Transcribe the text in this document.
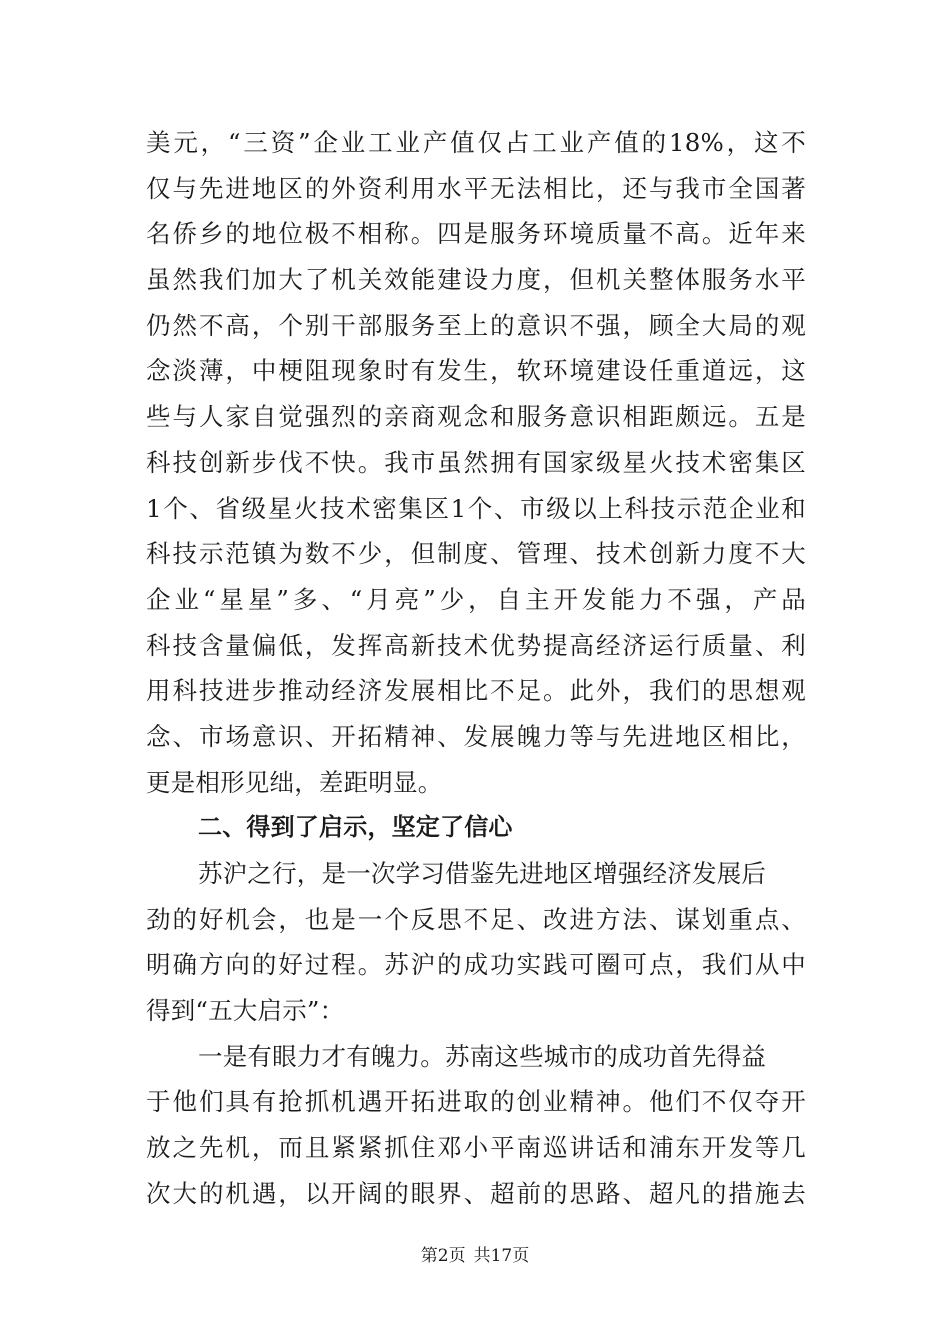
美元，“三资”企业工业产值仅占工业产值的18%，这不
仅与先进地区的外资利用水平无法相比，还与我市全国著
名侨乡的地位极不相称。四是服务环境质量不高。近年来
虽然我们加大了机关效能建设力度，但机关整体服务水平
仍然不高，个别干部服务至上的意识不强，顾全大局的观
念淡薄，中梗阻现象时有发生，软环境建设任重道远，这
些与人家自觉强烈的亲商观念和服务意识相距颇远。五是
科技创新步伐不快。我市虽然拥有国家级星火技术密集区
1个、省级星火技术密集区1个、市级以上科技示范企业和
科技示范镇为数不少，但制度、管理、技术创新力度不大
企业“星星”多、“月亮”少，自主开发能力不强，产品
科技含量偏低，发挥高新技术优势提高经济运行质量、利
用科技进步推动经济发展相比不足。此外，我们的思想观
念、市场意识、开拓精神、发展魄力等与先进地区相比，
更是相形见绌，差距明显。
二、得到了启示，坚定了信心
苏沪之行，是一次学习借鉴先进地区增强经济发展后
劲的好机会，也是一个反思不足、改进方法、谋划重点、
明确方向的好过程。苏沪的成功实践可圈可点，我们从中
得到“五大启示”：
一是有眼力才有魄力。苏南这些城市的成功首先得益
于他们具有抢抓机遇开拓进取的创业精神。他们不仅夺开
放之先机，而且紧紧抓住邓小平南巡讲话和浦东开发等几
次大的机遇，以开阔的眼界、超前的思路、超凡的措施去
第2页 共17页
